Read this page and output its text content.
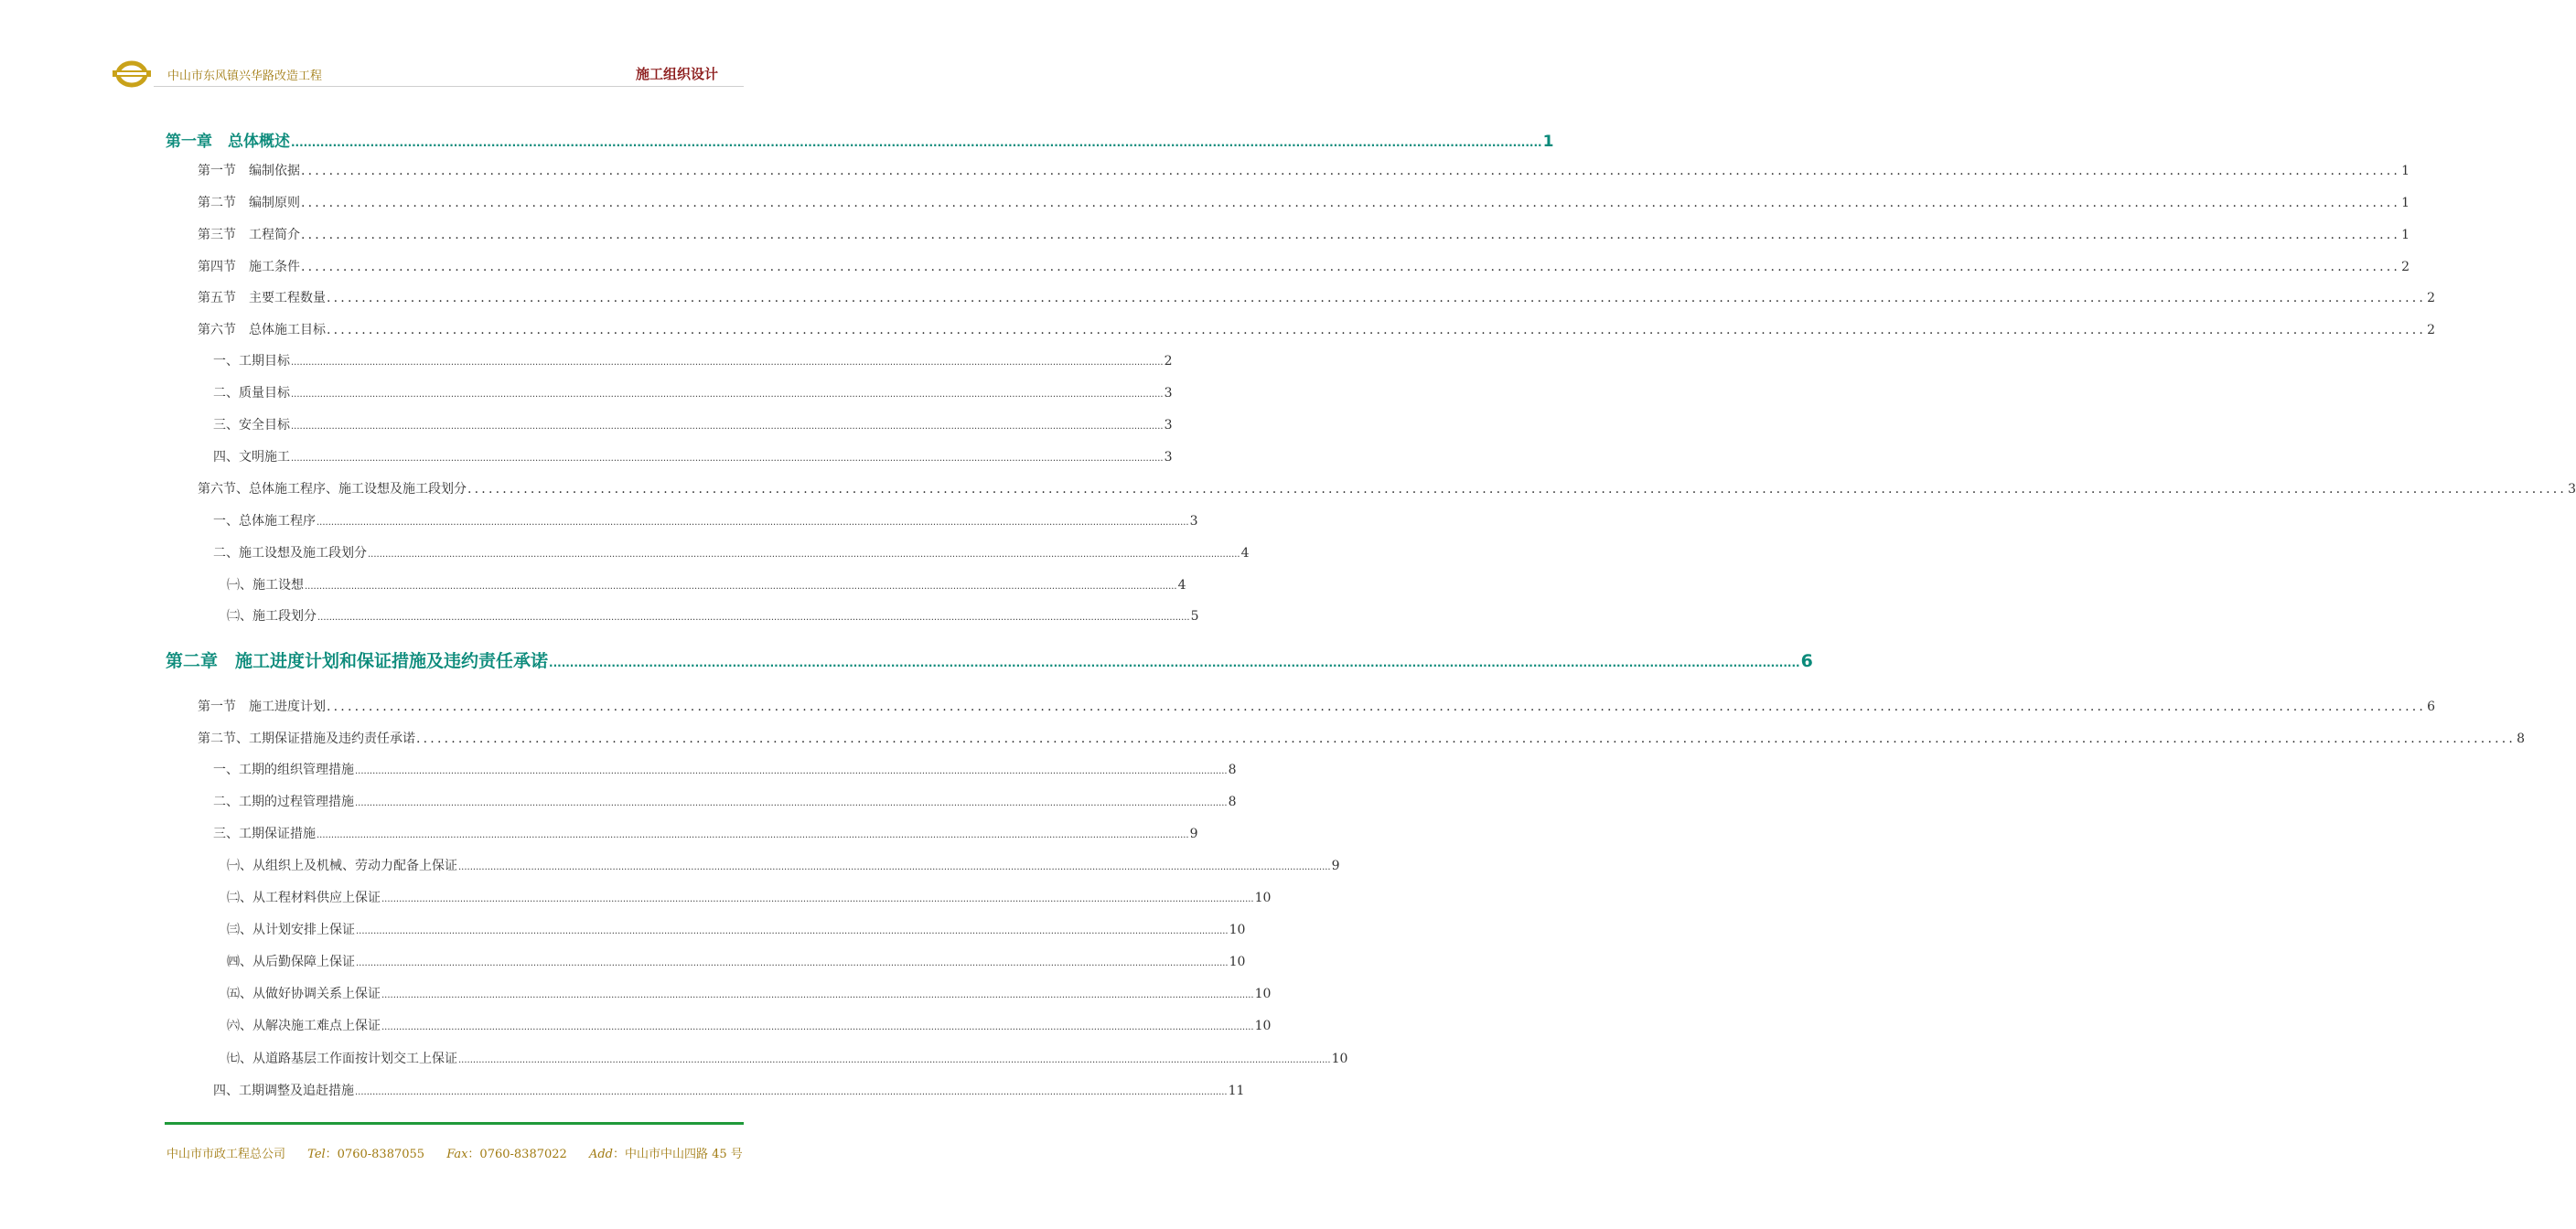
中山市东风镇兴华路改造工程	施工组织设计
第一章　总体概述 ............................................................................................................................................................................................................................................................................................................ 1
第一节　编制依据 ............................................................................................................................................................................................................................................................................................................ 1
第二节　编制原则 ............................................................................................................................................................................................................................................................................................................ 1
第三节　工程简介 ............................................................................................................................................................................................................................................................................................................ 1
第四节　施工条件 ............................................................................................................................................................................................................................................................................................................ 2
第五节　主要工程数量 ............................................................................................................................................................................................................................................................................................................ 2
第六节　总体施工目标 ............................................................................................................................................................................................................................................................................................................ 2
一、工期目标 ............................................................................................................................................................................................................................................................................................................ 2
二、质量目标 ............................................................................................................................................................................................................................................................................................................ 3
三、安全目标 ............................................................................................................................................................................................................................................................................................................ 3
四、文明施工 ............................................................................................................................................................................................................................................................................................................ 3
第六节、总体施工程序、施工设想及施工段划分 ............................................................................................................................................................................................................................................................................................................ 3
一、总体施工程序 ............................................................................................................................................................................................................................................................................................................ 3
二、施工设想及施工段划分 ............................................................................................................................................................................................................................................................................................................ 4
㈠、施工设想 ............................................................................................................................................................................................................................................................................................................ 4
㈡、施工段划分 ............................................................................................................................................................................................................................................................................................................ 5
第二章　施工进度计划和保证措施及违约责任承诺 ............................................................................................................................................................................................................................................................................................................ 6
第一节　施工进度计划 ............................................................................................................................................................................................................................................................................................................ 6
第二节、工期保证措施及违约责任承诺 ............................................................................................................................................................................................................................................................................................................ 8
一、工期的组织管理措施 ............................................................................................................................................................................................................................................................................................................ 8
二、工期的过程管理措施 ............................................................................................................................................................................................................................................................................................................ 8
三、工期保证措施 ............................................................................................................................................................................................................................................................................................................ 9
㈠、从组织上及机械、劳动力配备上保证 ............................................................................................................................................................................................................................................................................................................ 9
㈡、从工程材料供应上保证 ............................................................................................................................................................................................................................................................................................................ 10
㈢、从计划安排上保证 ............................................................................................................................................................................................................................................................................................................ 10
㈣、从后勤保障上保证 ............................................................................................................................................................................................................................................................................................................ 10
㈤、从做好协调关系上保证 ............................................................................................................................................................................................................................................................................................................ 10
㈥、从解决施工难点上保证 ............................................................................................................................................................................................................................................................................................................ 10
㈦、从道路基层工作面按计划交工上保证 ............................................................................................................................................................................................................................................................................................................ 10
四、工期调整及追赶措施 ............................................................................................................................................................................................................................................................................................................ 11
中山市市政工程总公司 Tel：0760-8387055 Fax：0760-8387022 Add：中山市中山四路 45 号
